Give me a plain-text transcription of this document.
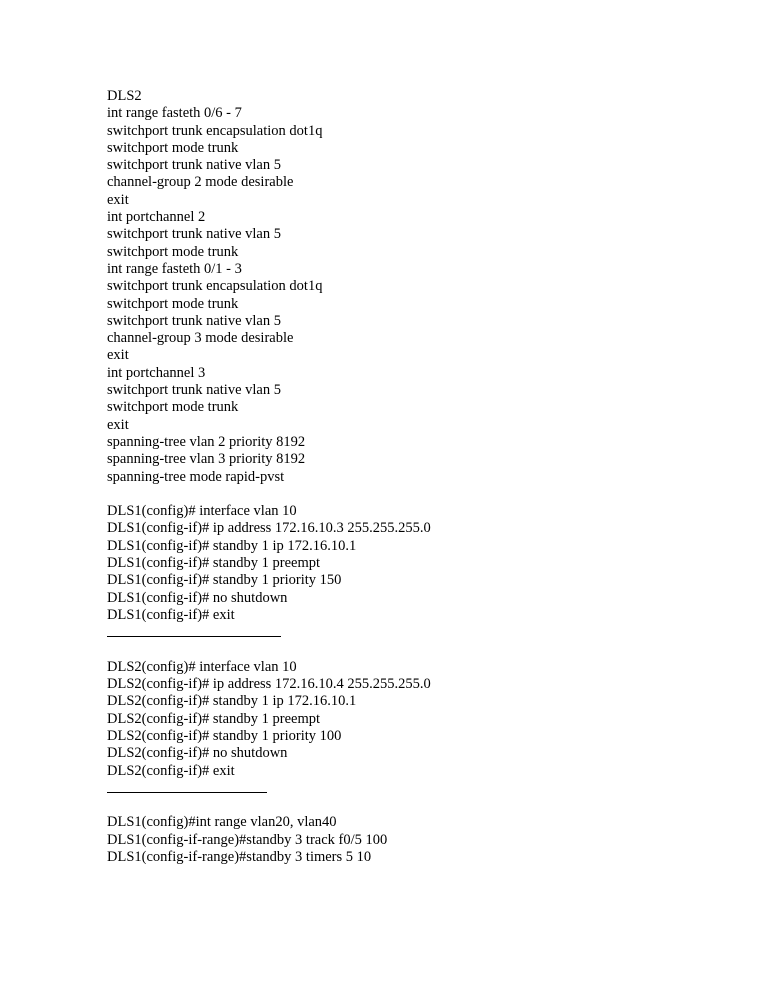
DLS2
int range fasteth 0/6 - 7
switchport trunk encapsulation dot1q
switchport mode trunk
switchport trunk native vlan 5
channel-group 2 mode desirable
exit
int portchannel 2
switchport trunk native vlan 5
switchport mode trunk
int range fasteth 0/1 - 3
switchport trunk encapsulation dot1q
switchport mode trunk
switchport trunk native vlan 5
channel-group 3 mode desirable
exit
int portchannel 3
switchport trunk native vlan 5
switchport mode trunk
exit
spanning-tree vlan 2 priority 8192
spanning-tree vlan 3 priority 8192
spanning-tree mode rapid-pvst
DLS1(config)# interface vlan 10
DLS1(config-if)# ip address 172.16.10.3 255.255.255.0
DLS1(config-if)# standby 1 ip 172.16.10.1
DLS1(config-if)# standby 1 preempt
DLS1(config-if)# standby 1 priority 150
DLS1(config-if)# no shutdown
DLS1(config-if)# exit
DLS2(config)# interface vlan 10
DLS2(config-if)# ip address 172.16.10.4 255.255.255.0
DLS2(config-if)# standby 1 ip 172.16.10.1
DLS2(config-if)# standby 1 preempt
DLS2(config-if)# standby 1 priority 100
DLS2(config-if)# no shutdown
DLS2(config-if)# exit
DLS1(config)#int range vlan20, vlan40
DLS1(config-if-range)#standby 3 track f0/5 100
DLS1(config-if-range)#standby 3 timers 5 10
